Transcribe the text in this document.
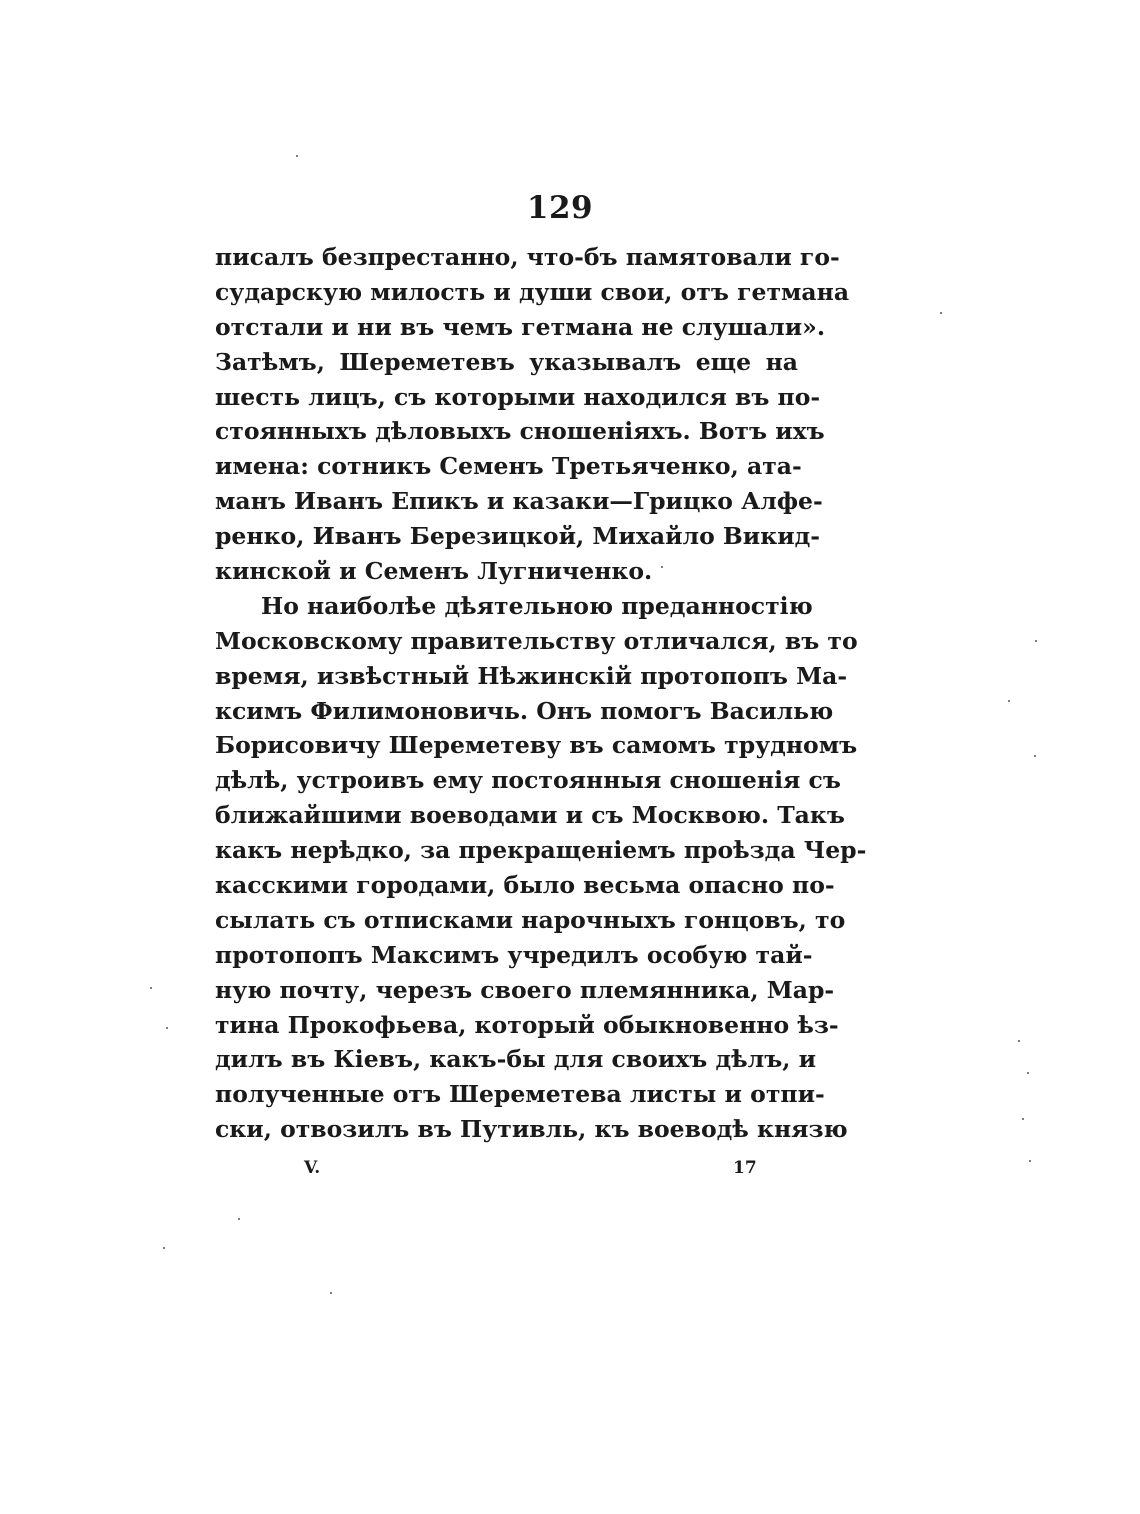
129
писалъ безпрестанно, что-бъ памятовали го-
сударскую милость и души свои, отъ гетмана
отстали и ни въ чемъ гетмана не слушали».
Затѣмъ, Шереметевъ указывалъ еще на
шесть лицъ, съ которыми находился въ по-
стоянныхъ дѣловыхъ сношеніяхъ. Вотъ ихъ
имена: сотникъ Семенъ Третьяченко, ата-
манъ Иванъ Епикъ и казаки—Грицко Алфе-
ренко, Иванъ Березицкой, Михайло Викид-
кинской и Семенъ Лугниченко.
Но наиболѣе дѣятельною преданностію
Московскому правительству отличался, въ то
время, извѣстный Нѣжинскій протопопъ Ма-
ксимъ Филимоновичь. Онъ помогъ Василью
Борисовичу Шереметеву въ самомъ трудномъ
дѣлѣ, устроивъ ему постоянныя сношенія съ
ближайшими воеводами и съ Москвою. Такъ
какъ нерѣдко, за прекращеніемъ проѣзда Чер-
касскими городами, было весьма опасно по-
сылать съ отписками нарочныхъ гонцовъ, то
протопопъ Максимъ учредилъ особую тай-
ную почту, черезъ своего племянника, Мар-
тина Прокофьева, который обыкновенно ѣз-
дилъ въ Кіевъ, какъ-бы для своихъ дѣлъ, и
полученные отъ Шереметева листы и отпи-
ски, отвозилъ въ Путивль, къ воеводѣ князю
V.	17
